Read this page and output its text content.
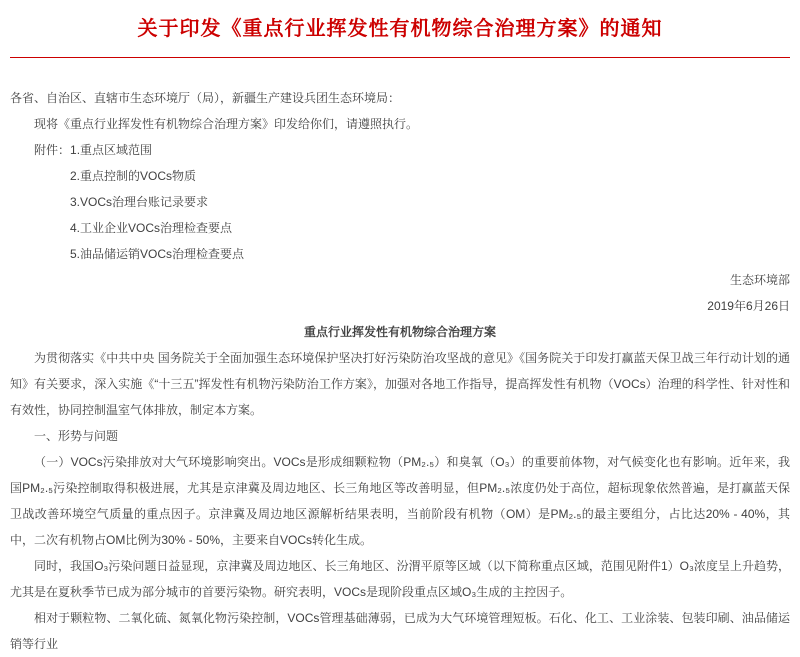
关于印发《重点行业挥发性有机物综合治理方案》的通知

各省、自治区、直辖市生态环境厅（局），新疆生产建设兵团生态环境局：

现将《重点行业挥发性有机物综合治理方案》印发给你们，请遵照执行。

附件：1.重点区域范围

2.重点控制的VOCs物质

3.VOCs治理台账记录要求

4.工业企业VOCs治理检查要点

5.油品储运销VOCs治理检查要点

生态环境部

2019年6月26日

重点行业挥发性有机物综合治理方案

为贯彻落实《中共中央 国务院关于全面加强生态环境保护坚决打好污染防治攻坚战的意见》《国务院关于印发打赢蓝天保卫战三年行动计划的通知》有关要求，深入实施《“十三五”挥发性有机物污染防治工作方案》，加强对各地工作指导，提高挥发性有机物（VOCs）治理的科学性、针对性和有效性，协同控制温室气体排放，制定本方案。

一、形势与问题

（一）VOCs污染排放对大气环境影响突出。VOCs是形成细颗粒物（PM₂.₅）和臭氧（O₃）的重要前体物，对气候变化也有影响。近年来，我国PM₂.₅污染控制取得积极进展，尤其是京津冀及周边地区、长三角地区等改善明显，但PM₂.₅浓度仍处于高位，超标现象依然普遍，是打赢蓝天保卫战改善环境空气质量的重点因子。京津冀及周边地区源解析结果表明，当前阶段有机物（OM）是PM₂.₅的最主要组分，占比达20% - 40%，其中，二次有机物占OM比例为30% - 50%，主要来自VOCs转化生成。

同时，我国O₃污染问题日益显现，京津冀及周边地区、长三角地区、汾渭平原等区域（以下简称重点区域，范围见附件1）O₃浓度呈上升趋势，尤其是在夏秋季节已成为部分城市的首要污染物。研究表明，VOCs是现阶段重点区域O₃生成的主控因子。

相对于颗粒物、二氧化硫、氮氧化物污染控制，VOCs管理基础薄弱，已成为大气环境管理短板。石化、化工、工业涂装、包装印刷、油品储运销等行业
